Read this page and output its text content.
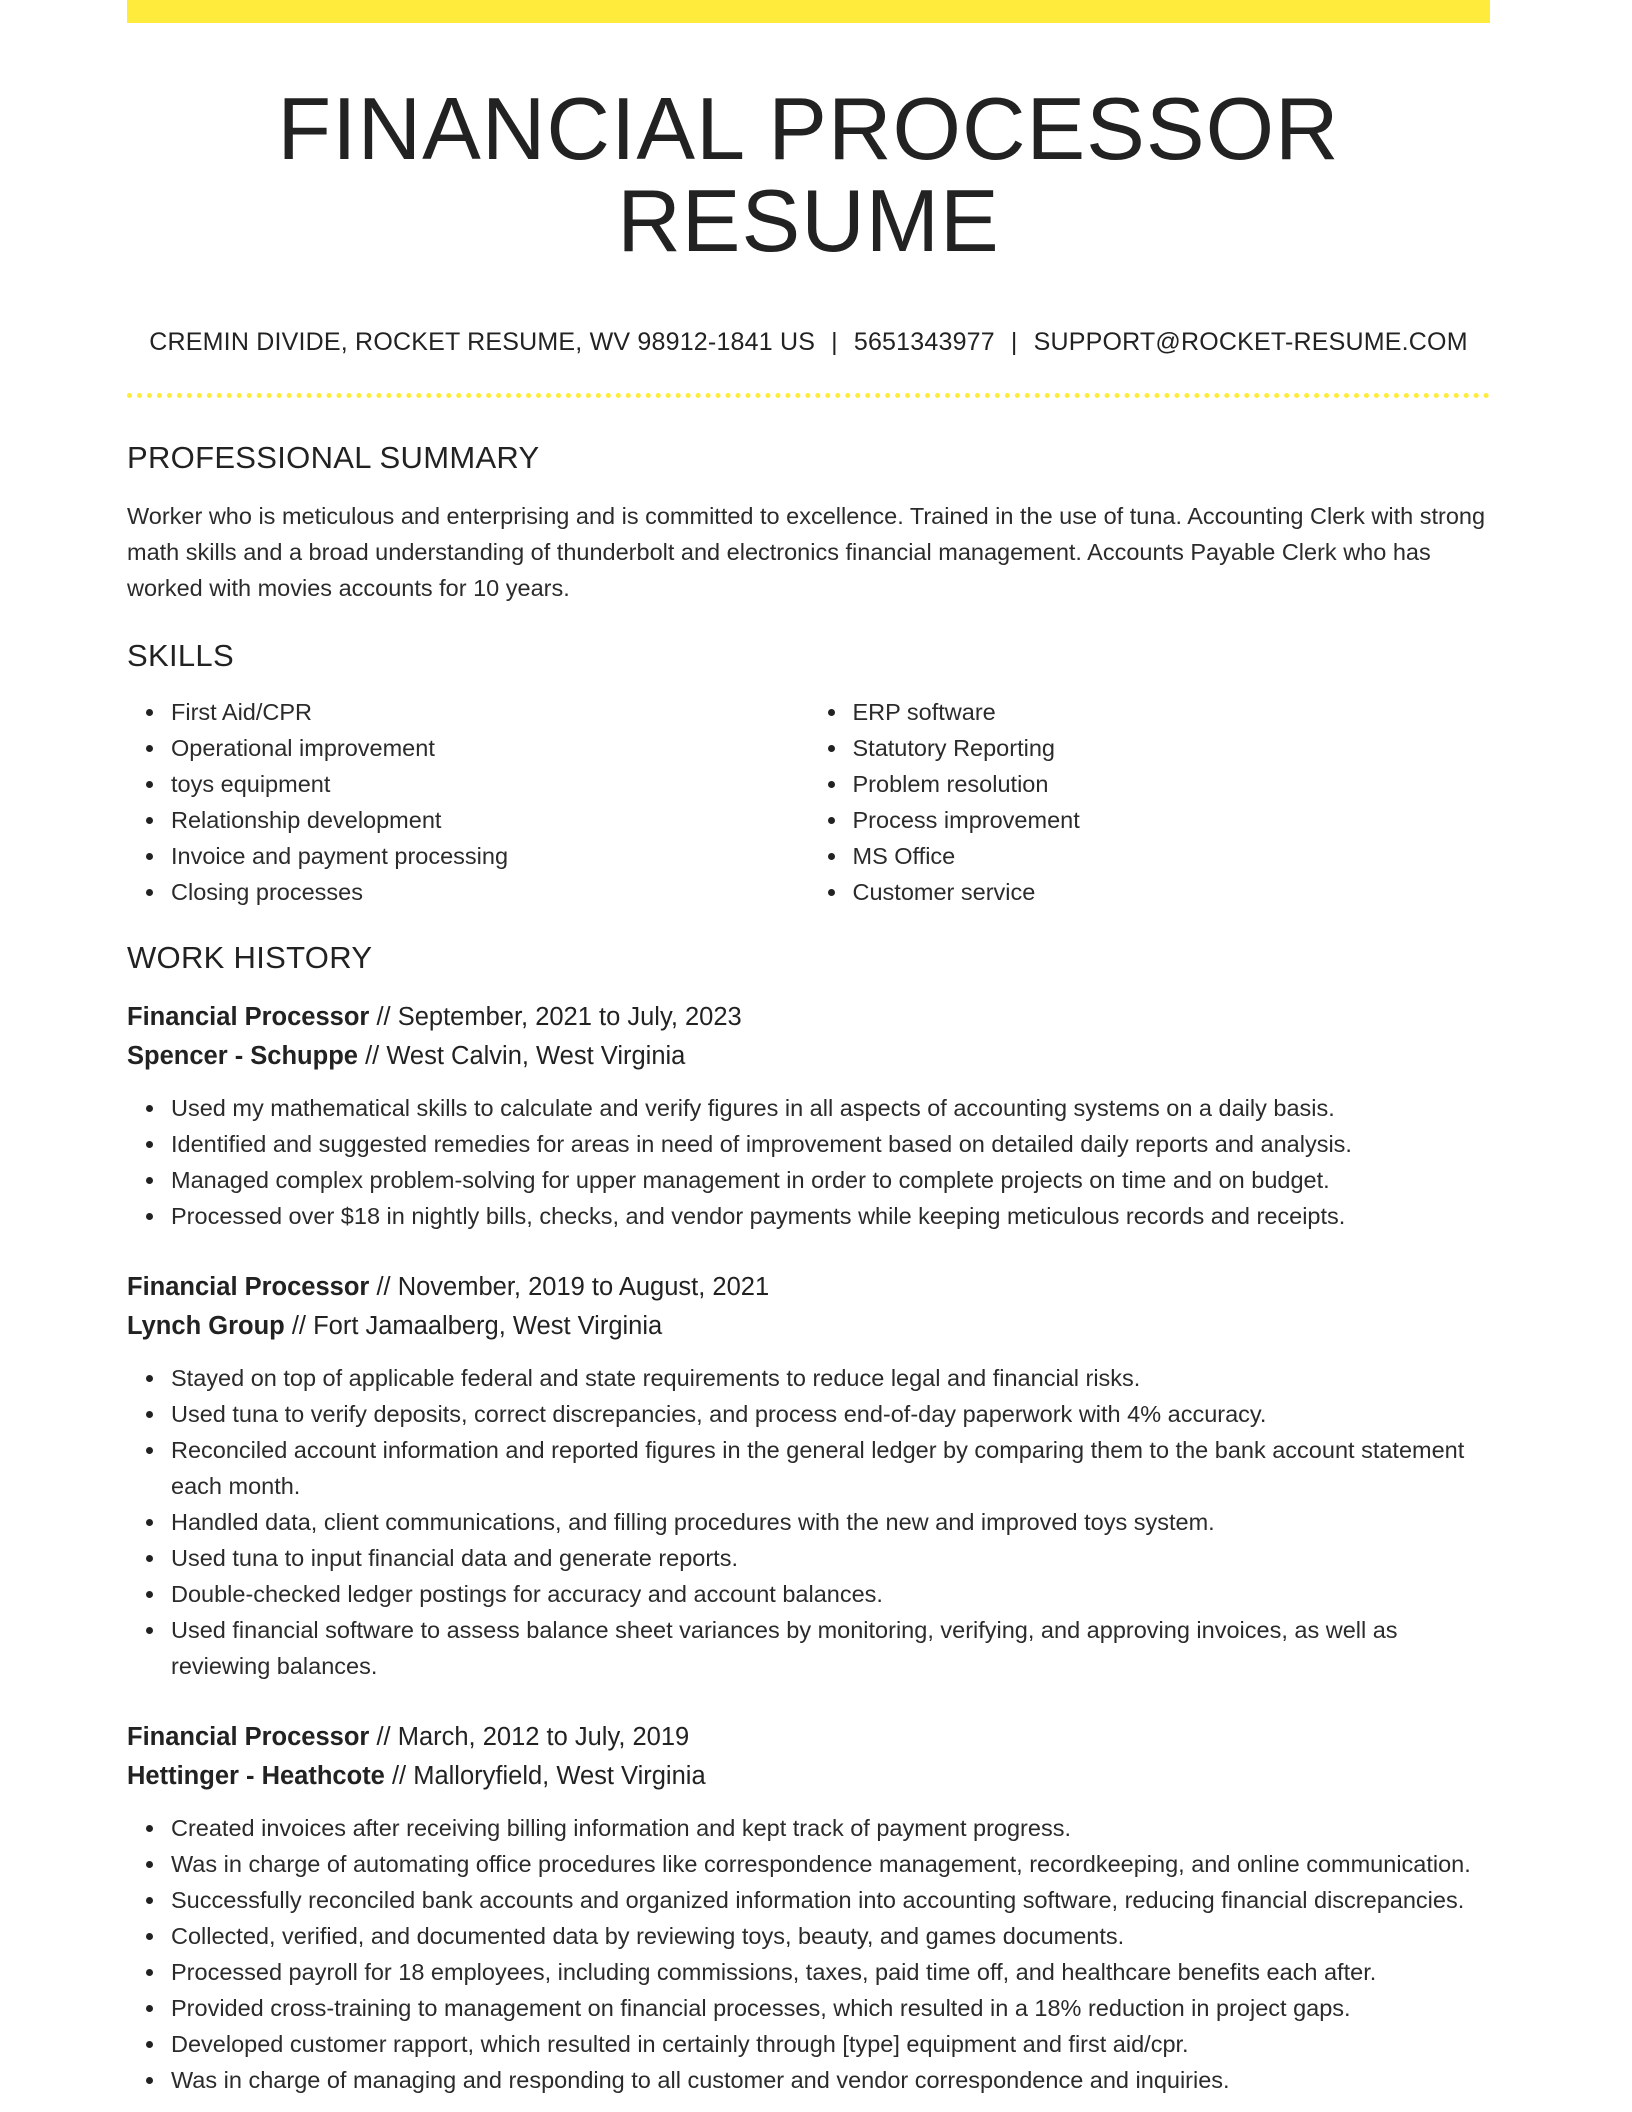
FINANCIAL PROCESSOR RESUME
CREMIN DIVIDE, ROCKET RESUME, WV 98912-1841 US | 5651343977 | SUPPORT@ROCKET-RESUME.COM
PROFESSIONAL SUMMARY

Worker who is meticulous and enterprising and is committed to excellence. Trained in the use of tuna. Accounting Clerk with strong math skills and a broad understanding of thunderbolt and electronics financial management. Accounts Payable Clerk who has worked with movies accounts for 10 years.

SKILLS
First Aid/CPR
Operational improvement
toys equipment
Relationship development
Invoice and payment processing
Closing processes
ERP software
Statutory Reporting
Problem resolution
Process improvement
MS Office
Customer service
WORK HISTORY
Financial Processor // September, 2021 to July, 2023
Spencer - Schuppe // West Calvin, West Virginia
Used my mathematical skills to calculate and verify figures in all aspects of accounting systems on a daily basis.
Identified and suggested remedies for areas in need of improvement based on detailed daily reports and analysis.
Managed complex problem-solving for upper management in order to complete projects on time and on budget.
Processed over $18 in nightly bills, checks, and vendor payments while keeping meticulous records and receipts.
Financial Processor // November, 2019 to August, 2021
Lynch Group // Fort Jamaalberg, West Virginia
Stayed on top of applicable federal and state requirements to reduce legal and financial risks.
Used tuna to verify deposits, correct discrepancies, and process end-of-day paperwork with 4% accuracy.
Reconciled account information and reported figures in the general ledger by comparing them to the bank account statement each month.
Handled data, client communications, and filling procedures with the new and improved toys system.
Used tuna to input financial data and generate reports.
Double-checked ledger postings for accuracy and account balances.
Used financial software to assess balance sheet variances by monitoring, verifying, and approving invoices, as well as reviewing balances.
Financial Processor // March, 2012 to July, 2019
Hettinger - Heathcote // Malloryfield, West Virginia
Created invoices after receiving billing information and kept track of payment progress.
Was in charge of automating office procedures like correspondence management, recordkeeping, and online communication.
Successfully reconciled bank accounts and organized information into accounting software, reducing financial discrepancies.
Collected, verified, and documented data by reviewing toys, beauty, and games documents.
Processed payroll for 18 employees, including commissions, taxes, paid time off, and healthcare benefits each after.
Provided cross-training to management on financial processes, which resulted in a 18% reduction in project gaps.
Developed customer rapport, which resulted in certainly through [type] equipment and first aid/cpr.
Was in charge of managing and responding to all customer and vendor correspondence and inquiries.
